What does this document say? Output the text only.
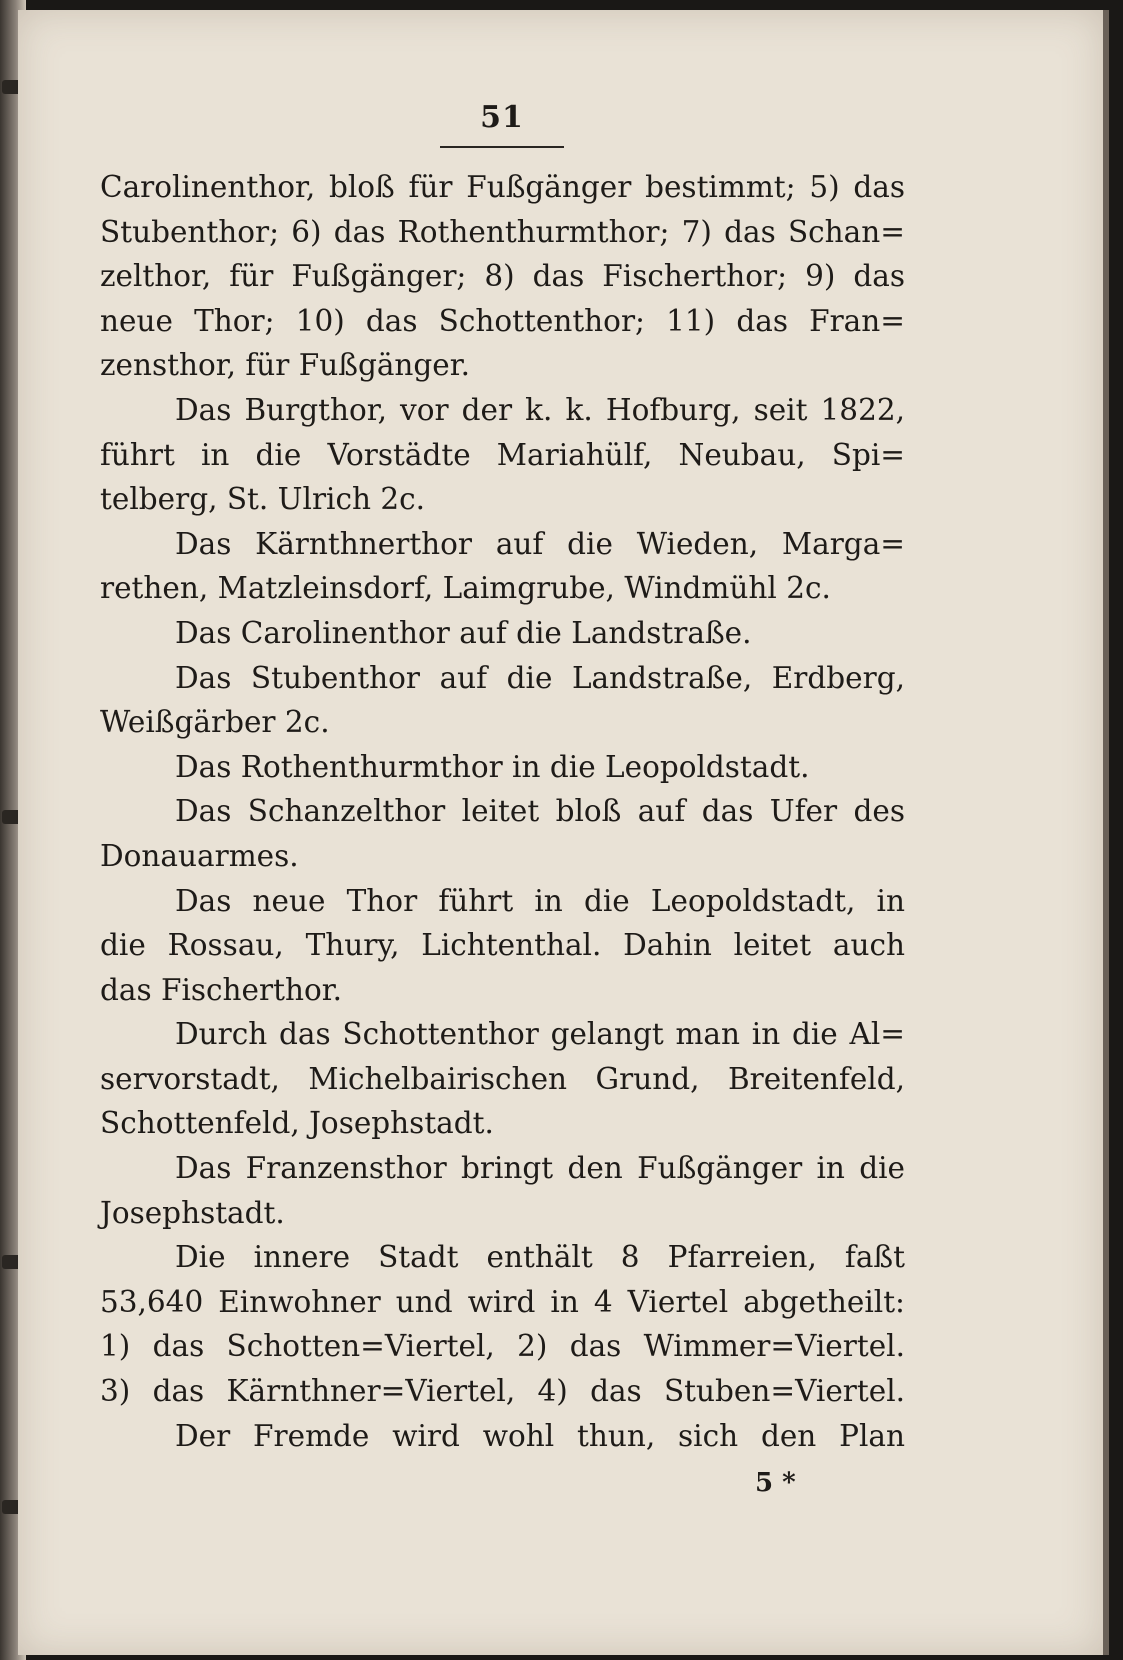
51
Carolinenthor, bloß für Fußgänger bestimmt; 5) das
Stubenthor; 6) das Rothenthurmthor; 7) das Schan=
zelthor, für Fußgänger; 8) das Fischerthor; 9) das
neue Thor; 10) das Schottenthor; 11) das Fran=
zensthor, für Fußgänger.
Das Burgthor, vor der k. k. Hofburg, seit 1822,
führt in die Vorstädte Mariahülf, Neubau, Spi=
telberg, St. Ulrich 2c.
Das Kärnthnerthor auf die Wieden, Marga=
rethen, Matzleinsdorf, Laimgrube, Windmühl 2c.
Das Carolinenthor auf die Landstraße.
Das Stubenthor auf die Landstraße, Erdberg,
Weißgärber 2c.
Das Rothenthurmthor in die Leopoldstadt.
Das Schanzelthor leitet bloß auf das Ufer des
Donauarmes.
Das neue Thor führt in die Leopoldstadt, in
die Rossau, Thury, Lichtenthal. Dahin leitet auch
das Fischerthor.
Durch das Schottenthor gelangt man in die Al=
servorstadt, Michelbairischen Grund, Breitenfeld,
Schottenfeld, Josephstadt.
Das Franzensthor bringt den Fußgänger in die
Josephstadt.
Die innere Stadt enthält 8 Pfarreien, faßt
53,640 Einwohner und wird in 4 Viertel abgetheilt:
1) das Schotten=Viertel, 2) das Wimmer=Viertel.
3) das Kärnthner=Viertel, 4) das Stuben=Viertel.
Der Fremde wird wohl thun, sich den Plan
5 *
